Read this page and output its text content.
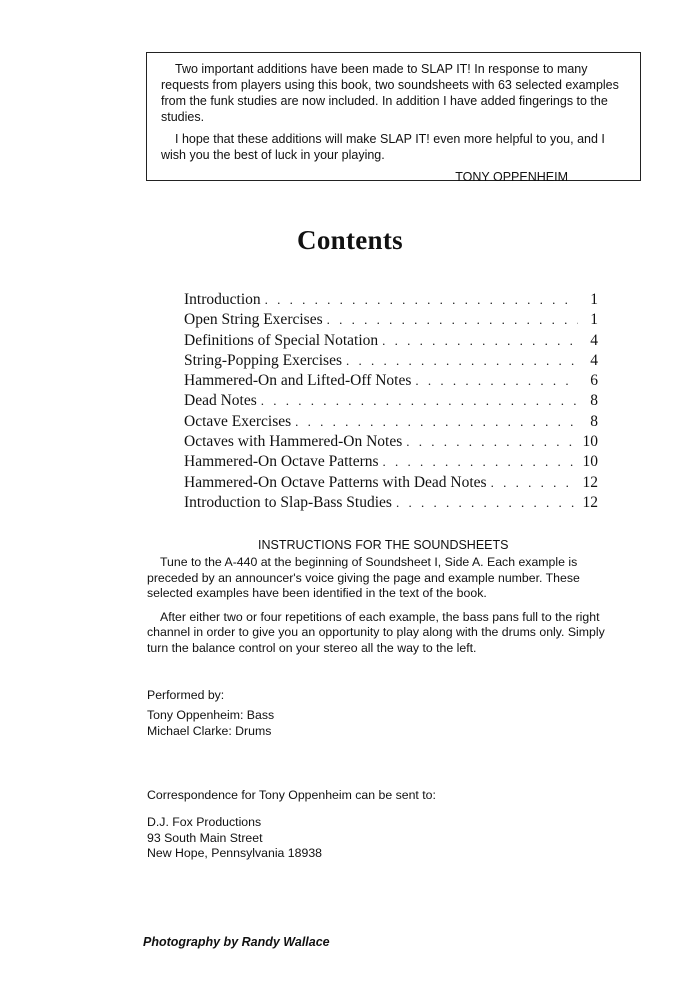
Two important additions have been made to SLAP IT! In response to many requests from players using this book, two soundsheets with 63 selected examples from the funk studies are now included. In addition I have added fingerings to the studies.

I hope that these additions will make SLAP IT! even more helpful to you, and I wish you the best of luck in your playing.

TONY OPPENHEIM

Contents
Introduction . . .	1
Open String Exercises . . .	1
Definitions of Special Notation . . .	4
String-Popping Exercises . . .	4
Hammered-On and Lifted-Off Notes . . .	6
Dead Notes . . .	8
Octave Exercises . . .	8
Octaves with Hammered-On Notes . . .	10
Hammered-On Octave Patterns . . .	10
Hammered-On Octave Patterns with Dead Notes . . .	12
Introduction to Slap-Bass Studies . . .	12
INSTRUCTIONS FOR THE SOUNDSHEETS

Tune to the A-440 at the beginning of Soundsheet I, Side A. Each example is preceded by an announcer's voice giving the page and example number. These selected examples have been identified in the text of the book.

After either two or four repetitions of each example, the bass pans full to the right channel in order to give you an opportunity to play along with the drums only. Simply turn the balance control on your stereo all the way to the left.

Performed by:
Tony Oppenheim: Bass
Michael Clarke: Drums
Correspondence for Tony Oppenheim can be sent to:
D.J. Fox Productions
93 South Main Street
New Hope, Pennsylvania 18938
Photography by Randy Wallace
